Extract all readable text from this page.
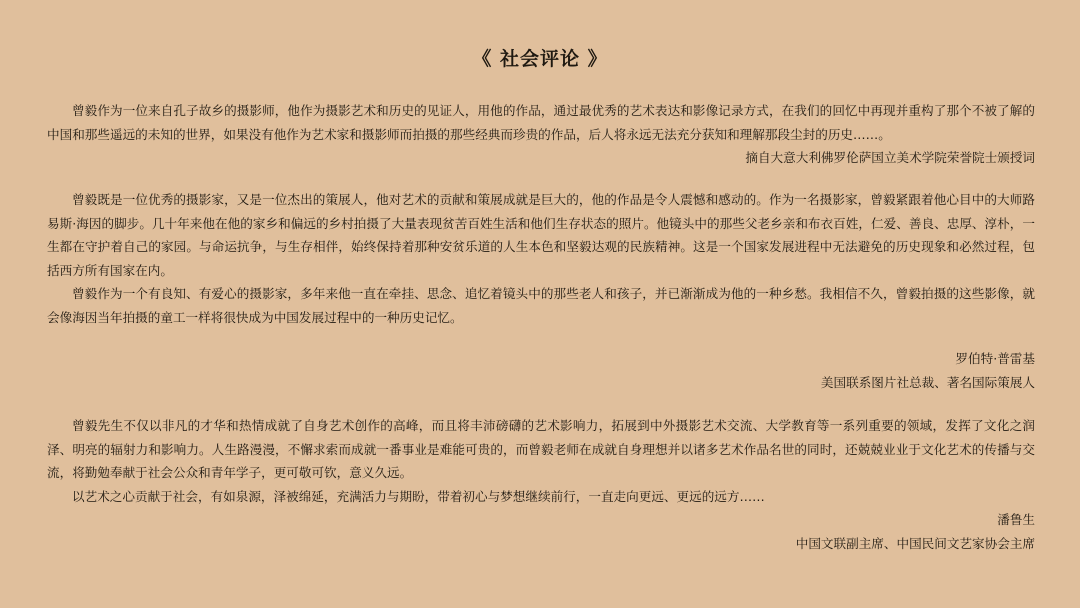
《 社会评论 》

曾毅作为一位来自孔子故乡的摄影师，他作为摄影艺术和历史的见证人，用他的作品，通过最优秀的艺术表达和影像记录方式，在我们的回忆中再现并重构了那个不被了解的中国和那些遥远的未知的世界，如果没有他作为艺术家和摄影师而拍摄的那些经典而珍贵的作品，后人将永远无法充分获知和理解那段尘封的历史……。

摘自大意大利佛罗伦萨国立美术学院荣誉院士颁授词

曾毅既是一位优秀的摄影家，又是一位杰出的策展人，他对艺术的贡献和策展成就是巨大的，他的作品是令人震憾和感动的。作为一名摄影家，曾毅紧跟着他心目中的大师路易斯·海因的脚步。几十年来他在他的家乡和偏远的乡村拍摄了大量表现贫苦百姓生活和他们生存状态的照片。他镜头中的那些父老乡亲和布衣百姓，仁爱、善良、忠厚、淳朴，一生都在守护着自己的家园。与命运抗争，与生存相伴，始终保持着那种安贫乐道的人生本色和坚毅达观的民族精神。这是一个国家发展进程中无法避免的历史现象和必然过程，包括西方所有国家在内。

曾毅作为一个有良知、有爱心的摄影家，多年来他一直在牵挂、思念、追忆着镜头中的那些老人和孩子，并已渐渐成为他的一种乡愁。我相信不久，曾毅拍摄的这些影像，就会像海因当年拍摄的童工一样将很快成为中国发展过程中的一种历史记忆。

罗伯特·普雷基

美国联系图片社总裁、著名国际策展人

曾毅先生不仅以非凡的才华和热情成就了自身艺术创作的高峰，而且将丰沛磅礴的艺术影响力，拓展到中外摄影艺术交流、大学教育等一系列重要的领域，发挥了文化之润泽、明亮的辐射力和影响力。人生路漫漫，不懈求索而成就一番事业是难能可贵的，而曾毅老师在成就自身理想并以诸多艺术作品名世的同时，还兢兢业业于文化艺术的传播与交流，将勤勉奉献于社会公众和青年学子，更可敬可钦，意义久远。

以艺术之心贡献于社会，有如泉源，泽被绵延，充满活力与期盼，带着初心与梦想继续前行，一直走向更远、更远的远方……

潘鲁生

中国文联副主席、中国民间文艺家协会主席
